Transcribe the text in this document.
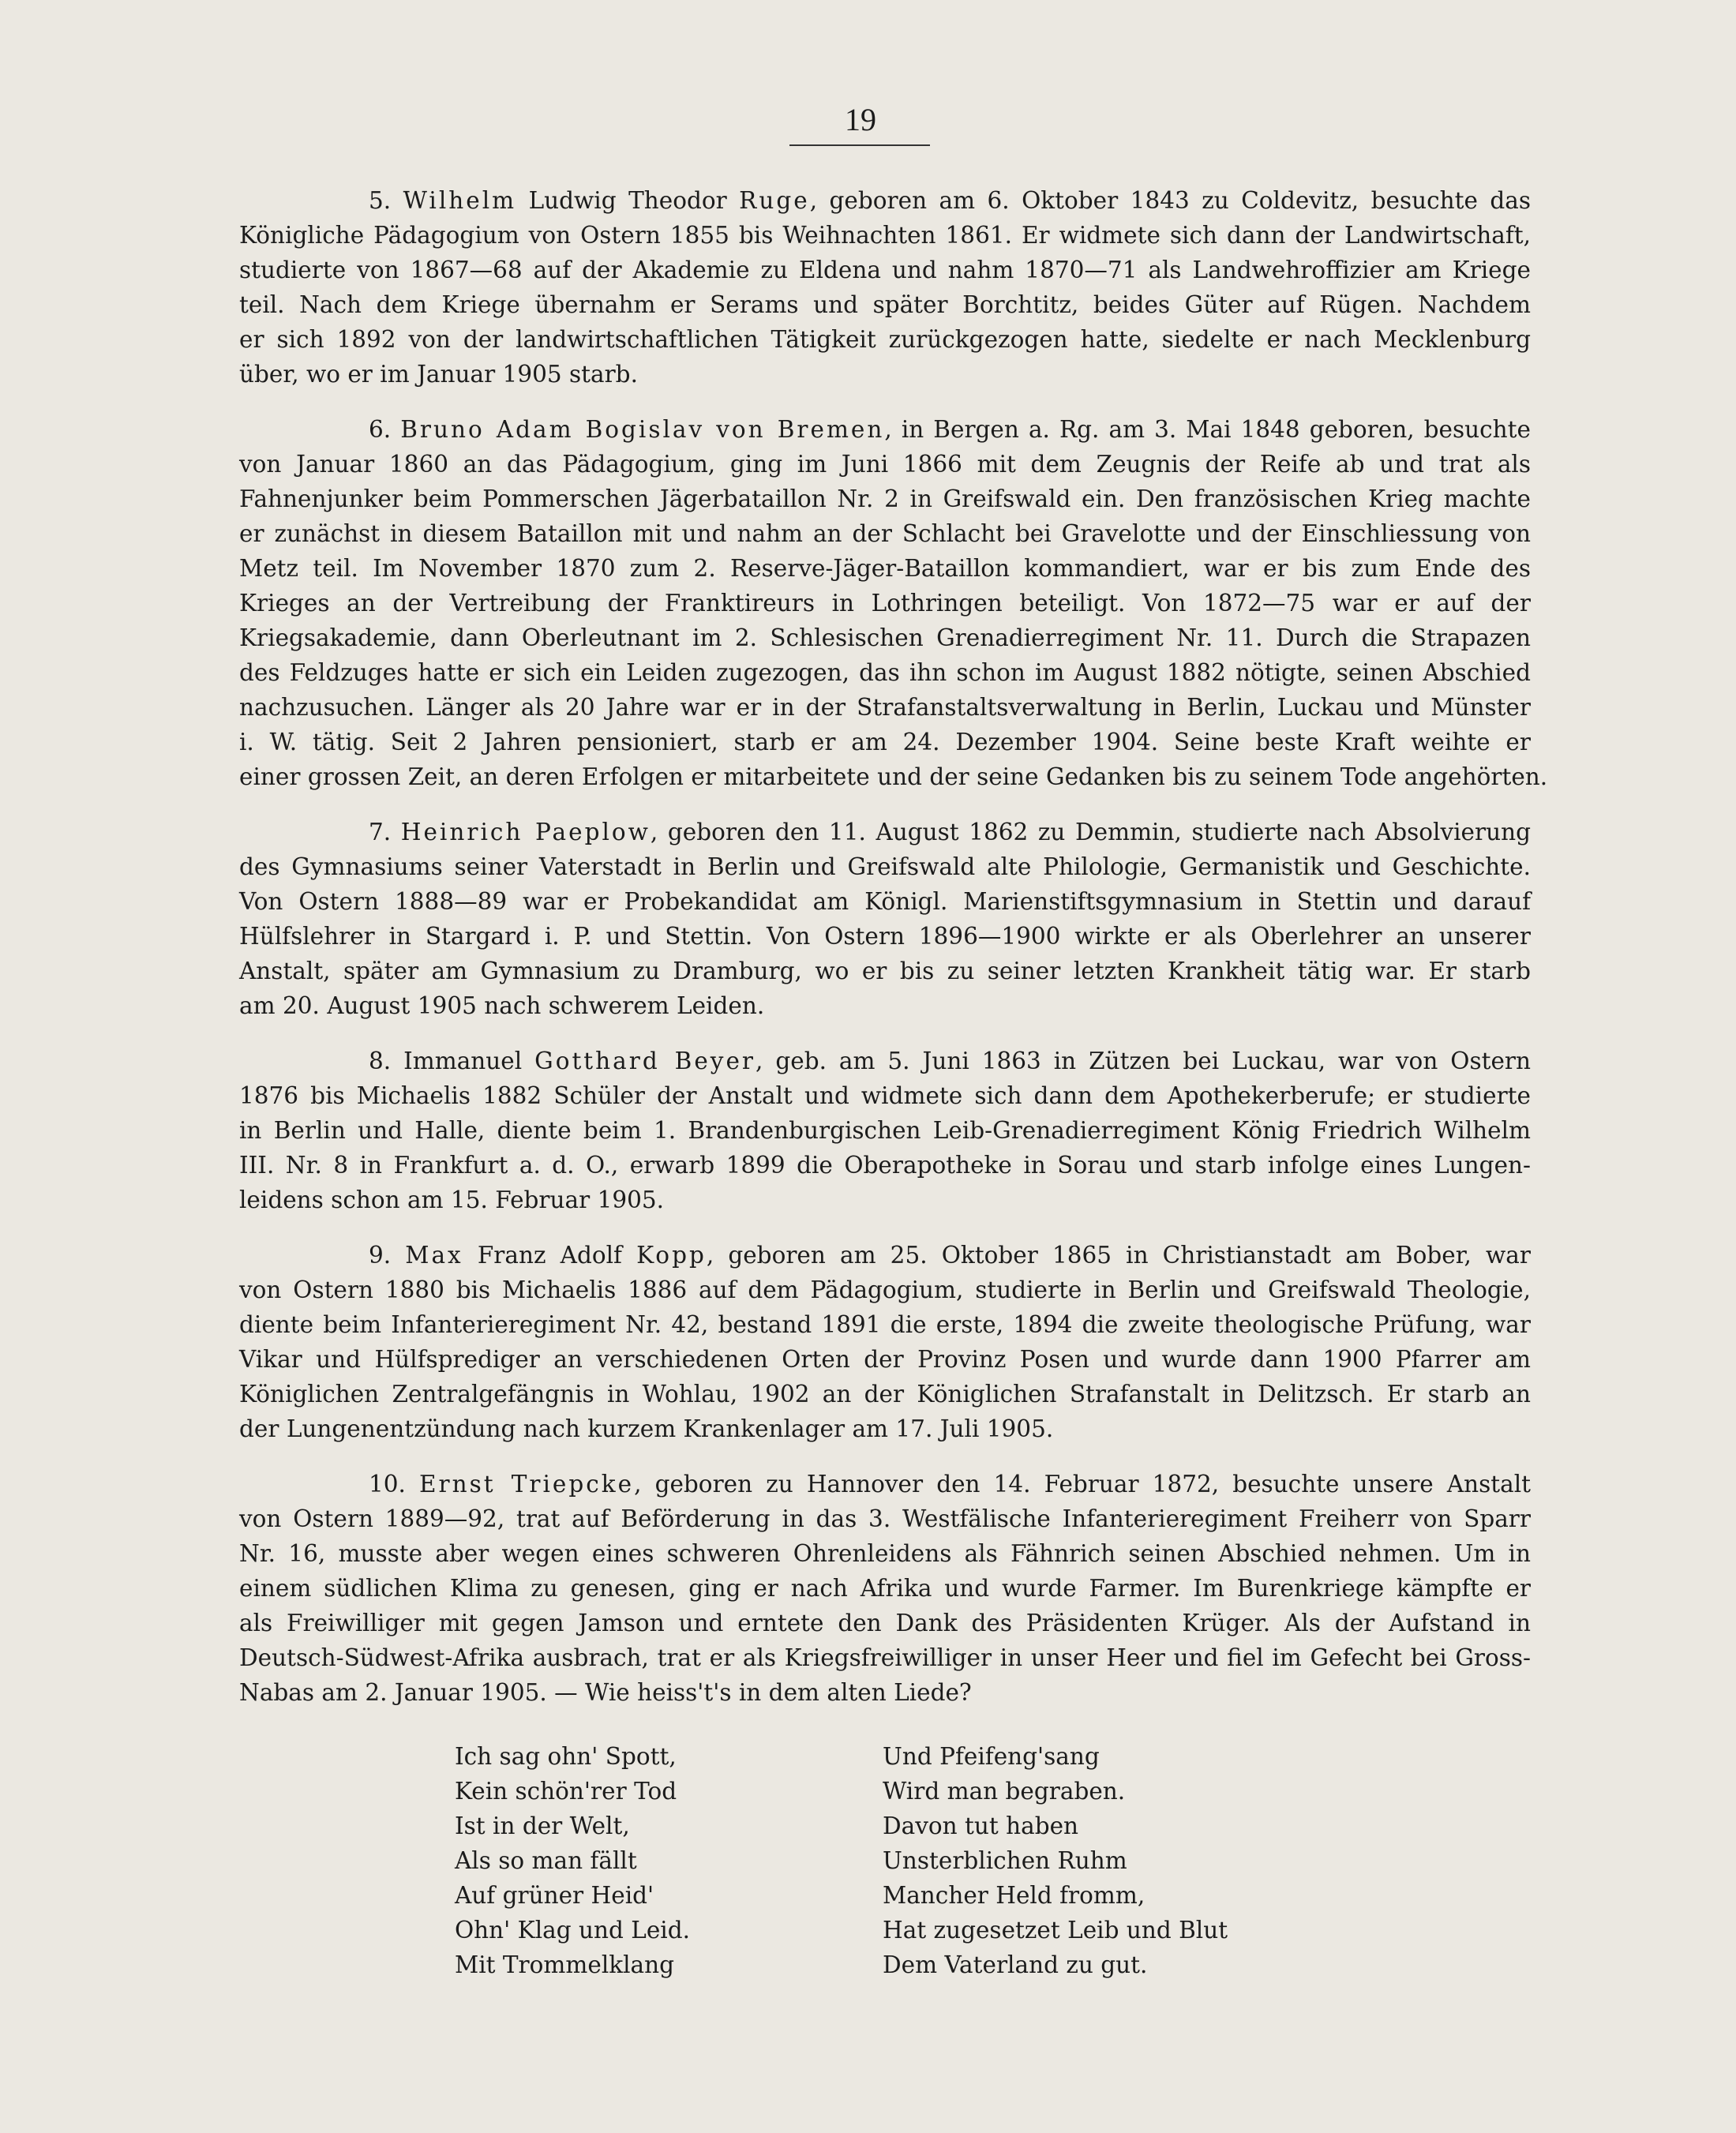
19
5. Wilhelm Ludwig Theodor Ruge, geboren am 6. Oktober 1843 zu Coldevitz, besuchte das
Königliche Pädagogium von Ostern 1855 bis Weihnachten 1861. Er widmete sich dann der Landwirtschaft,
studierte von 1867—68 auf der Akademie zu Eldena und nahm 1870—71 als Landwehroffizier am Kriege
teil. Nach dem Kriege übernahm er Serams und später Borchtitz, beides Güter auf Rügen. Nachdem
er sich 1892 von der landwirtschaftlichen Tätigkeit zurückgezogen hatte, siedelte er nach Mecklenburg
über, wo er im Januar 1905 starb.
6. Bruno Adam Bogislav von Bremen, in Bergen a. Rg. am 3. Mai 1848 geboren, besuchte
von Januar 1860 an das Pädagogium, ging im Juni 1866 mit dem Zeugnis der Reife ab und trat als
Fahnenjunker beim Pommerschen Jägerbataillon Nr. 2 in Greifswald ein. Den französischen Krieg machte
er zunächst in diesem Bataillon mit und nahm an der Schlacht bei Gravelotte und der Einschliessung von
Metz teil. Im November 1870 zum 2. Reserve-Jäger-Bataillon kommandiert, war er bis zum Ende des
Krieges an der Vertreibung der Franktireurs in Lothringen beteiligt. Von 1872—75 war er auf der
Kriegsakademie, dann Oberleutnant im 2. Schlesischen Grenadierregiment Nr. 11. Durch die Strapazen
des Feldzuges hatte er sich ein Leiden zugezogen, das ihn schon im August 1882 nötigte, seinen Abschied
nachzusuchen. Länger als 20 Jahre war er in der Strafanstaltsverwaltung in Berlin, Luckau und Münster
i. W. tätig. Seit 2 Jahren pensioniert, starb er am 24. Dezember 1904. Seine beste Kraft weihte er
einer grossen Zeit, an deren Erfolgen er mitarbeitete und der seine Gedanken bis zu seinem Tode angehörten.
7. Heinrich Paeplow, geboren den 11. August 1862 zu Demmin, studierte nach Absolvierung
des Gymnasiums seiner Vaterstadt in Berlin und Greifswald alte Philologie, Germanistik und Geschichte.
Von Ostern 1888—89 war er Probekandidat am Königl. Marienstiftsgymnasium in Stettin und darauf
Hülfslehrer in Stargard i. P. und Stettin. Von Ostern 1896—1900 wirkte er als Oberlehrer an unserer
Anstalt, später am Gymnasium zu Dramburg, wo er bis zu seiner letzten Krankheit tätig war. Er starb
am 20. August 1905 nach schwerem Leiden.
8. Immanuel Gotthard Beyer, geb. am 5. Juni 1863 in Zützen bei Luckau, war von Ostern
1876 bis Michaelis 1882 Schüler der Anstalt und widmete sich dann dem Apothekerberufe; er studierte
in Berlin und Halle, diente beim 1. Brandenburgischen Leib-Grenadierregiment König Friedrich Wilhelm
III. Nr. 8 in Frankfurt a. d. O., erwarb 1899 die Oberapotheke in Sorau und starb infolge eines Lungen-
leidens schon am 15. Februar 1905.
9. Max Franz Adolf Kopp, geboren am 25. Oktober 1865 in Christianstadt am Bober, war
von Ostern 1880 bis Michaelis 1886 auf dem Pädagogium, studierte in Berlin und Greifswald Theologie,
diente beim Infanterieregiment Nr. 42, bestand 1891 die erste, 1894 die zweite theologische Prüfung, war
Vikar und Hülfsprediger an verschiedenen Orten der Provinz Posen und wurde dann 1900 Pfarrer am
Königlichen Zentralgefängnis in Wohlau, 1902 an der Königlichen Strafanstalt in Delitzsch. Er starb an
der Lungenentzündung nach kurzem Krankenlager am 17. Juli 1905.
10. Ernst Triepcke, geboren zu Hannover den 14. Februar 1872, besuchte unsere Anstalt
von Ostern 1889—92, trat auf Beförderung in das 3. Westfälische Infanterieregiment Freiherr von Sparr
Nr. 16, musste aber wegen eines schweren Ohrenleidens als Fähnrich seinen Abschied nehmen. Um in
einem südlichen Klima zu genesen, ging er nach Afrika und wurde Farmer. Im Burenkriege kämpfte er
als Freiwilliger mit gegen Jamson und erntete den Dank des Präsidenten Krüger. Als der Aufstand in
Deutsch-Südwest-Afrika ausbrach, trat er als Kriegsfreiwilliger in unser Heer und fiel im Gefecht bei Gross-
Nabas am 2. Januar 1905. — Wie heiss't's in dem alten Liede?
Ich sag ohn' Spott,	Und Pfeifeng'sang
Kein schön'rer Tod	Wird man begraben.
Ist in der Welt,	Davon tut haben
Als so man fällt	Unsterblichen Ruhm
Auf grüner Heid'	Mancher Held fromm,
Ohn' Klag und Leid.	Hat zugesetzet Leib und Blut
Mit Trommelklang	Dem Vaterland zu gut.
